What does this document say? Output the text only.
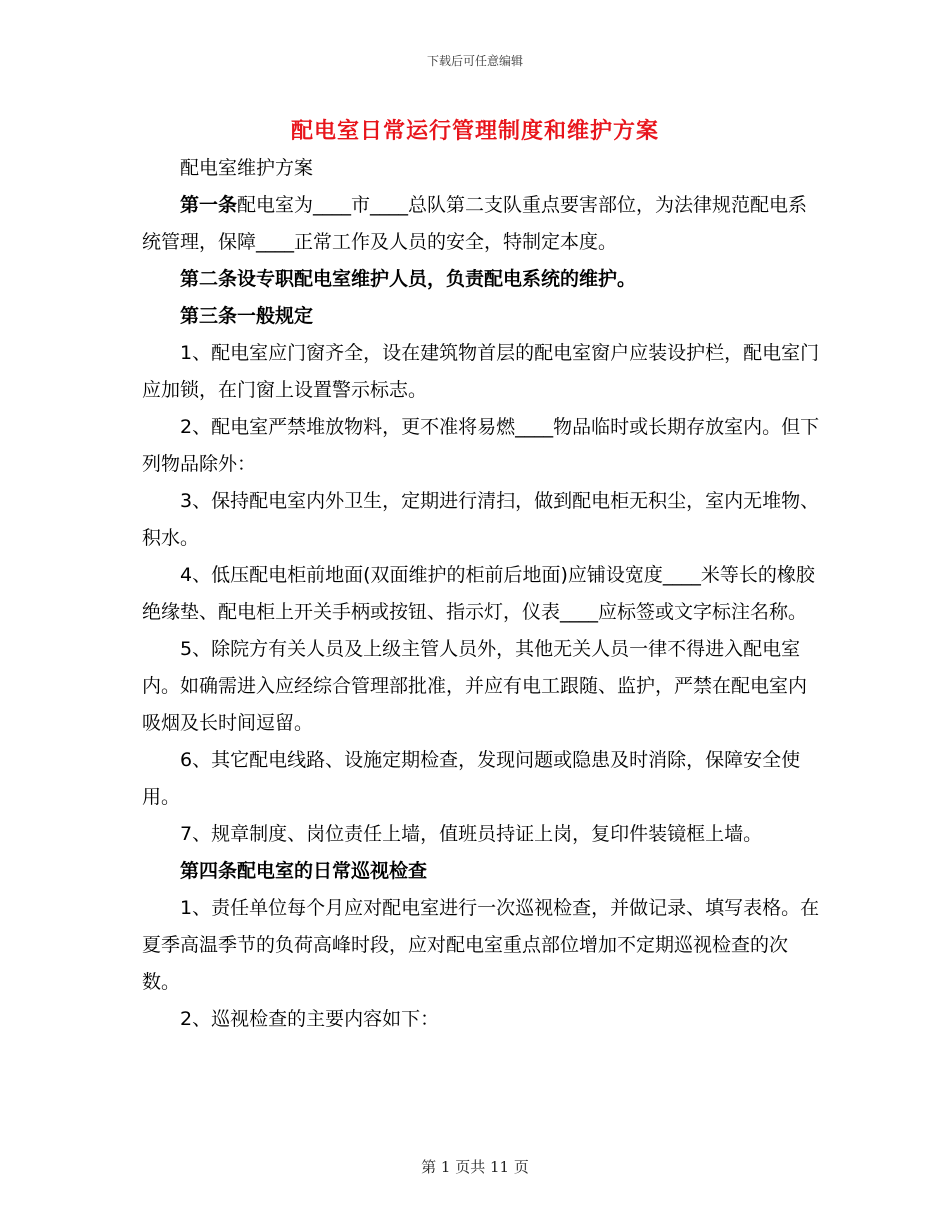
下载后可任意编辑
配电室日常运行管理制度和维护方案

配电室维护方案

第一条配电室为____市____总队第二支队重点要害部位，为法律规范配电系统管理，保障____正常工作及人员的安全，特制定本度。

第二条设专职配电室维护人员，负责配电系统的维护。

第三条一般规定

1、配电室应门窗齐全，设在建筑物首层的配电室窗户应装设护栏，配电室门应加锁，在门窗上设置警示标志。

2、配电室严禁堆放物料，更不准将易燃____物品临时或长期存放室内。但下列物品除外：

3、保持配电室内外卫生，定期进行清扫，做到配电柜无积尘，室内无堆物、积水。

4、低压配电柜前地面(双面维护的柜前后地面)应铺设宽度____米等长的橡胶绝缘垫、配电柜上开关手柄或按钮、指示灯，仪表____应标签或文字标注名称。

5、除院方有关人员及上级主管人员外，其他无关人员一律不得进入配电室内。如确需进入应经综合管理部批准，并应有电工跟随、监护，严禁在配电室内吸烟及长时间逗留。

6、其它配电线路、设施定期检查，发现问题或隐患及时消除，保障安全使用。

7、规章制度、岗位责任上墙，值班员持证上岗，复印件装镜框上墙。

第四条配电室的日常巡视检查

1、责任单位每个月应对配电室进行一次巡视检查，并做记录、填写表格。在夏季高温季节的负荷高峰时段，应对配电室重点部位增加不定期巡视检查的次数。

2、巡视检查的主要内容如下：

第 1 页共 11 页
